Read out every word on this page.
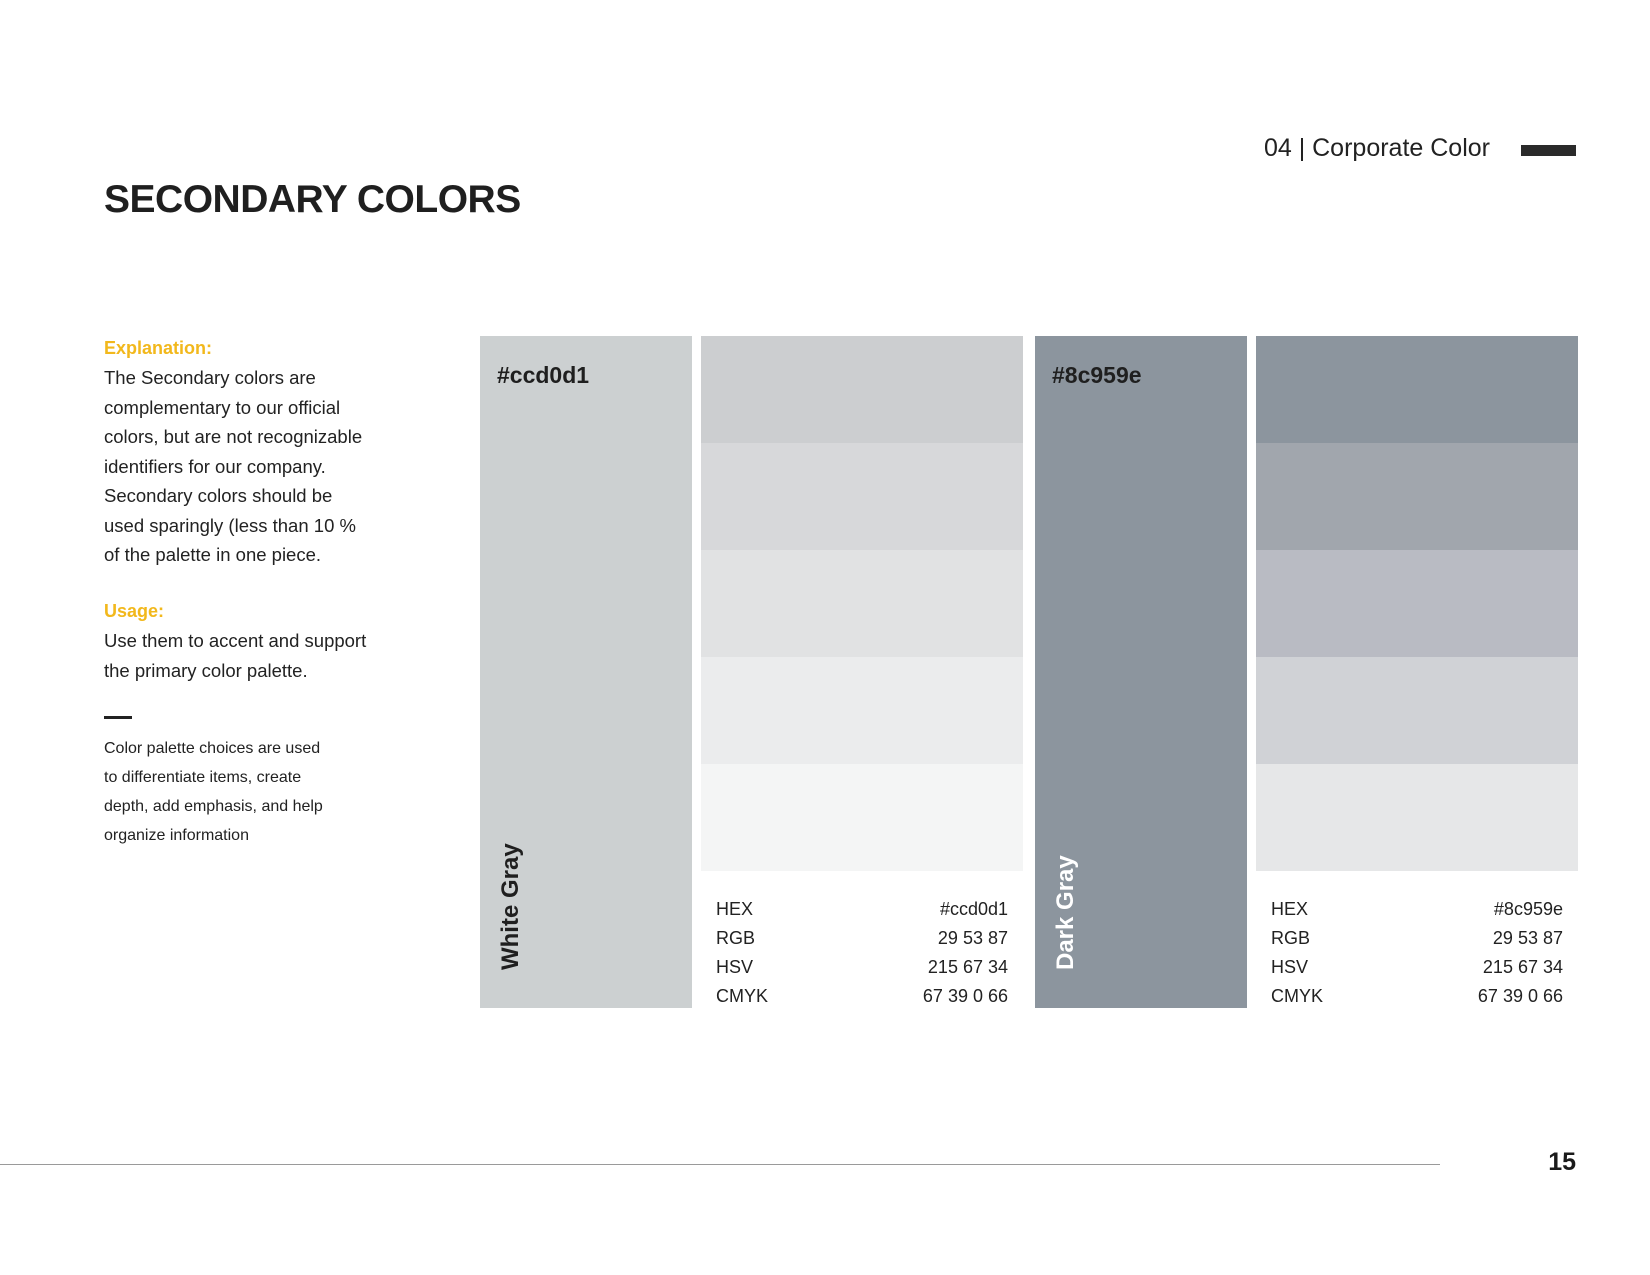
04 | Corporate Color
SECONDARY COLORS
Explanation:
The Secondary colors are
complementary to our official
colors, but are not recognizable
identifiers for our company.
Secondary colors should be
used sparingly (less than 10 %
of the palette in one piece.
Usage:
Use them to accent and support
the primary color palette.
Color palette choices are used
to differentiate items, create
depth, add emphasis, and help
organize information
#ccd0d1
White Gray	HEX	#ccd0d1
RGB	29 53 87
HSV	215 67 34
CMYK	67 39 0 66
#8c959e
Dark Gray	HEX	#8c959e
RGB	29 53 87
HSV	215 67 34
CMYK	67 39 0 66
15
